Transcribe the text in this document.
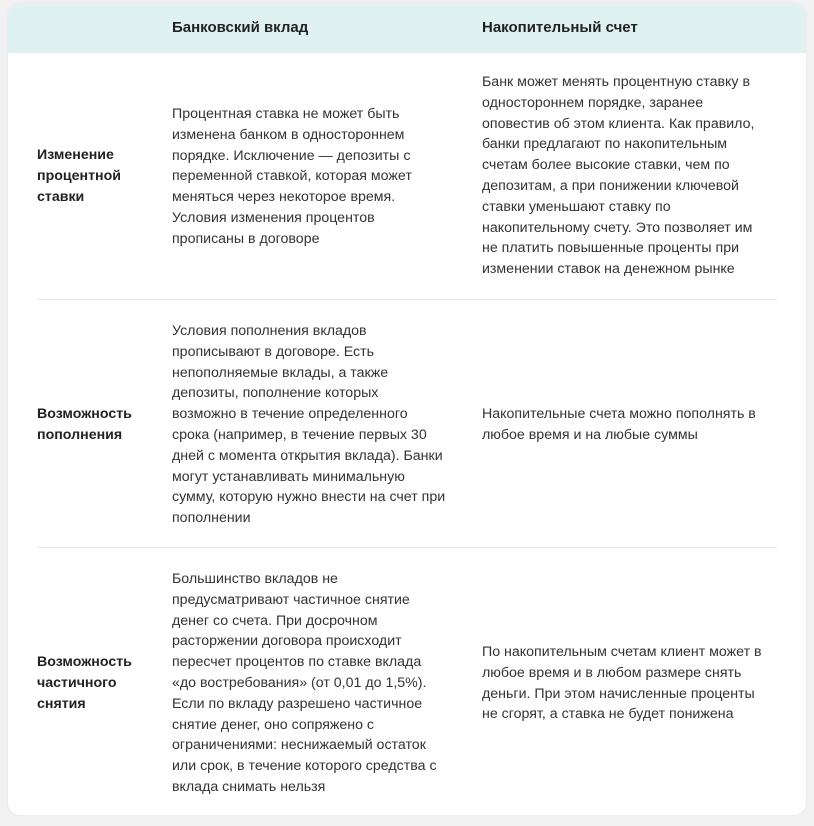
Банковский вклад	Накопительный счет
Изменение
процентной
ставки
Процентная ставка не может быть
изменена банком в одностороннем
порядке. Исключение — депозиты с
переменной ставкой, которая может
меняться через некоторое время.
Условия изменения процентов
прописаны в договоре
Банк может менять процентную ставку в
одностороннем порядке, заранее
оповестив об этом клиента. Как правило,
банки предлагают по накопительным
счетам более высокие ставки, чем по
депозитам, а при понижении ключевой
ставки уменьшают ставку по
накопительному счету. Это позволяет им
не платить повышенные проценты при
изменении ставок на денежном рынке
Возможность
пополнения
Условия пополнения вкладов
прописывают в договоре. Есть
непополняемые вклады, а также
депозиты, пополнение которых
возможно в течение определенного
срока (например, в течение первых 30
дней с момента открытия вклада). Банки
могут устанавливать минимальную
сумму, которую нужно внести на счет при
пополнении
Накопительные счета можно пополнять в
любое время и на любые суммы
Возможность
частичного
снятия
Большинство вкладов не
предусматривают частичное снятие
денег со счета. При досрочном
расторжении договора происходит
пересчет процентов по ставке вклада
«до востребования» (от 0,01 до 1,5%).
Если по вкладу разрешено частичное
снятие денег, оно сопряжено с
ограничениями: неснижаемый остаток
или срок, в течение которого средства с
вклада снимать нельзя
По накопительным счетам клиент может в
любое время и в любом размере снять
деньги. При этом начисленные проценты
не сгорят, а ставка не будет понижена
